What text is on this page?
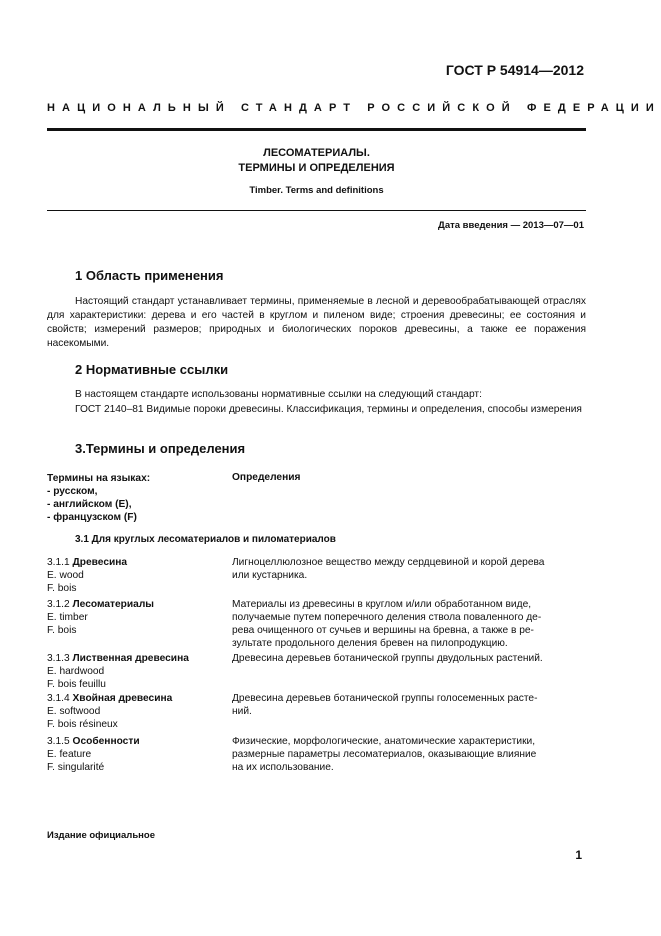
ГОСТ Р 54914—2012
НАЦИОНАЛЬНЫЙ СТАНДАРТ РОССИЙСКОЙ ФЕДЕРАЦИИ
ЛЕСОМАТЕРИАЛЫ.
ТЕРМИНЫ И ОПРЕДЕЛЕНИЯ
Timber. Terms and definitions
Дата введения — 2013—07—01
1 Область применения
Настоящий стандарт устанавливает термины, применяемые в лесной и деревообрабатывающей отраслях для характеристики: дерева и его частей в круглом и пиленом виде; строения древесины; ее состояния и свойств; измерений размеров; природных и биологических пороков древесины, а также ее поражения насекомыми.
2 Нормативные ссылки
В настоящем стандарте использованы нормативные ссылки на следующий стандарт:
ГОСТ 2140–81 Видимые пороки древесины. Классификация, термины и определения, способы измерения
3.Термины и определения
Термины на языках:
- русском,
- английском (E),
- французском (F)
Определения
3.1 Для круглых лесоматериалов и пиломатериалов
3.1.1 Древесина
E. wood
F. bois
Лигноцеллюлозное вещество между сердцевиной и корой дерева
или кустарника.
3.1.2 Лесоматериалы
E. timber
F. bois
Материалы из древесины в круглом и/или обработанном виде,
получаемые путем поперечного деления ствола поваленного де-
рева очищенного от сучьев и вершины на бревна, а также в ре-
зультате продольного деления бревен на пилопродукцию.
3.1.3 Лиственная древесина
E. hardwood
F. bois feuillu
Древесина деревьев ботанической группы двудольных растений.
3.1.4 Хвойная древесина
E. softwood
F. bois résineux
Древесина деревьев ботанической группы голосеменных расте-
ний.
3.1.5 Особенности
E. feature
F. singularité
Физические, морфологические, анатомические характеристики,
размерные параметры лесоматериалов, оказывающие влияние
на их использование.
Издание официальное
1
